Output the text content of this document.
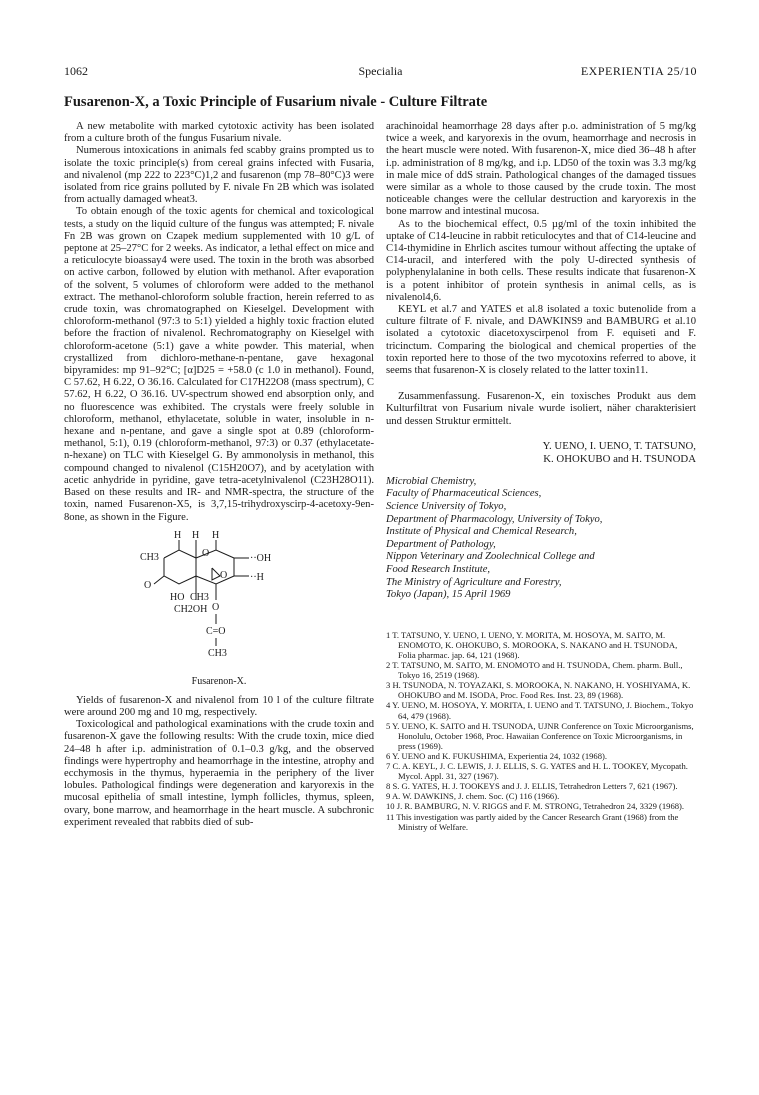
1062	Specialia	EXPERIENTIA 25/10
Fusarenon-X, a Toxic Principle of Fusarium nivale - Culture Filtrate

A new metabolite with marked cytotoxic activity has been isolated from a culture broth of the fungus Fusarium nivale.

Numerous intoxications in animals fed scabby grains prompted us to isolate the toxic principle(s) from cereal grains infected with Fusaria, and nivalenol (mp 222 to 223°C)1,2 and fusarenon (mp 78–80°C)3 were isolated from rice grains polluted by F. nivale Fn 2B which was isolated from actually damaged wheat3.

To obtain enough of the toxic agents for chemical and toxicological tests, a study on the liquid culture of the fungus was attempted; F. nivale Fn 2B was grown on Czapek medium supplemented with 10 g/L of peptone at 25–27°C for 2 weeks. As indicator, a lethal effect on mice and a reticulocyte bioassay4 were used. The toxin in the broth was absorbed on active carbon, followed by elution with methanol. After evaporation of the solvent, 5 volumes of chloroform were added to the methanol extract. The methanol-chloroform soluble fraction, herein referred to as crude toxin, was chromatographed on Kieselgel. Development with chloroform-methanol (97:3 to 5:1) yielded a highly toxic fraction eluted before the fraction of nivalenol. Rechromatography on Kieselgel with chloroform-acetone (5:1) gave a white powder. This material, when crystallized from dichloro-methane-n-pentane, gave hexagonal bipyramides: mp 91–92°C; [α]D25 = +58.0 (c 1.0 in methanol). Found, C 57.62, H 6.22, O 36.16. Calculated for C17H22O8 (mass spectrum), C 57.62, H 6.22, O 36.16. UV-spectrum showed end absorption only, and no fluorescence was exhibited. The crystals were freely soluble in chloroform, methanol, ethylacetate, soluble in water, insoluble in n-hexane and n-pentane, and gave a single spot at 0.89 (chloroform-methanol, 5:1), 0.19 (chloroform-methanol, 97:3) or 0.37 (ethylacetate-n-hexane) on TLC with Kieselgel G. By ammonolysis in methanol, this compound changed to nivalenol (C15H20O7), and by acetylation with acetic anhydride in pyridine, gave tetra-acetylnivalenol (C23H28O11). Based on these results and IR- and NMR-spectra, the structure of the toxin, named Fusarenon-X5, is 3,7,15-trihydroxyscirp-4-acetoxy-9en-8one, as shown in the Figure.

H H H
CH3	··OH
O
O
O
··H
HO CH3
CH2OH O
C=O
CH3
Fusarenon-X.

Yields of fusarenon-X and nivalenol from 10 l of the culture filtrate were around 200 mg and 10 mg, respectively.

Toxicological and pathological examinations with the crude toxin and fusarenon-X gave the following results: With the crude toxin, mice died 24–48 h after i.p. administration of 0.1–0.3 g/kg, and the observed findings were hypertrophy and heamorrhage in the intestine, atrophy and ecchymosis in the thymus, hyperaemia in the periphery of the liver lobules. Pathological findings were degeneration and karyorexis in the mucosal epithelia of small intestine, lymph follicles, thymus, spleen, ovary, bone marrow, and heamorrhage in the heart muscle. A subchronic experiment revealed that rabbits died of sub-

arachinoidal heamorrhage 28 days after p.o. administration of 5 mg/kg twice a week, and karyorexis in the ovum, heamorrhage and necrosis in the heart muscle were noted. With fusarenon-X, mice died 36–48 h after i.p. administration of 8 mg/kg, and i.p. LD50 of the toxin was 3.3 mg/kg in male mice of ddS strain. Pathological changes of the damaged tissues were similar as a whole to those caused by the crude toxin. The most noticeable changes were the cellular destruction and karyorexis in the bone marrow and intestinal mucosa.

As to the biochemical effect, 0.5 µg/ml of the toxin inhibited the uptake of C14-leucine in rabbit reticulocytes and that of C14-leucine and C14-thymidine in Ehrlich ascites tumour without affecting the uptake of C14-uracil, and interfered with the poly U-directed synthesis of polyphenylalanine in both cells. These results indicate that fusarenon-X is a potent inhibitor of protein synthesis in animal cells, as is nivalenol4,6.

KEYL et al.7 and YATES et al.8 isolated a toxic butenolide from a culture filtrate of F. nivale, and DAWKINS9 and BAMBURG et al.10 isolated a cytotoxic diacetoxyscirpenol from F. equiseti and F. tricinctum. Comparing the biological and chemical properties of the toxin reported here to those of the two mycotoxins referred to above, it seems that fusarenon-X is closely related to the latter toxin11.

Zusammenfassung. Fusarenon-X, ein toxisches Produkt aus dem Kulturfiltrat von Fusarium nivale wurde isoliert, näher charakterisiert und dessen Struktur ermittelt.

Y. UENO, I. UENO, T. TATSUNO,
K. OHOKUBO and H. TSUNODA
Microbial Chemistry,
Faculty of Pharmaceutical Sciences,
Science University of Tokyo,
Department of Pharmacology, University of Tokyo,
Institute of Physical and Chemical Research,
Department of Pathology,
Nippon Veterinary and Zoolechnical College and
Food Research Institute,
The Ministry of Agriculture and Forestry,
Tokyo (Japan), 15 April 1969
1 T. TATSUNO, Y. UENO, I. UENO, Y. MORITA, M. HOSOYA, M. SAITO, M. ENOMOTO, K. OHOKUBO, S. MOROOKA, S. NAKANO and H. TSUNODA, Folia pharmac. jap. 64, 121 (1968).
2 T. TATSUNO, M. SAITO, M. ENOMOTO and H. TSUNODA, Chem. pharm. Bull., Tokyo 16, 2519 (1968).
3 H. TSUNODA, N. TOYAZAKI, S. MOROOKA, N. NAKANO, H. YOSHIYAMA, K. OHOKUBO and M. ISODA, Proc. Food Res. Inst. 23, 89 (1968).
4 Y. UENO, M. HOSOYA, Y. MORITA, I. UENO and T. TATSUNO, J. Biochem., Tokyo 64, 479 (1968).
5 Y. UENO, K. SAITO and H. TSUNODA, UJNR Conference on Toxic Microorganisms, Honolulu, October 1968, Proc. Hawaiian Conference on Toxic Microorganisms, in press (1969).
6 Y. UENO and K. FUKUSHIMA, Experientia 24, 1032 (1968).
7 C. A. KEYL, J. C. LEWIS, J. J. ELLIS, S. G. YATES and H. L. TOOKEY, Mycopath. Mycol. Appl. 31, 327 (1967).
8 S. G. YATES, H. J. TOOKEYS and J. J. ELLIS, Tetrahedron Letters 7, 621 (1967).
9 A. W. DAWKINS, J. chem. Soc. (C) 116 (1966).
10 J. R. BAMBURG, N. V. RIGGS and F. M. STRONG, Tetrahedron 24, 3329 (1968).
11 This investigation was partly aided by the Cancer Research Grant (1968) from the Ministry of Welfare.
